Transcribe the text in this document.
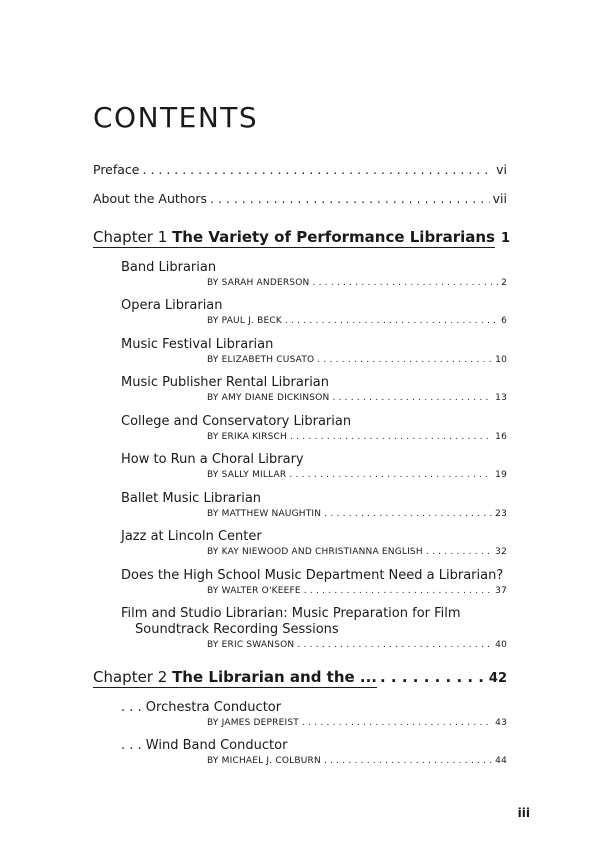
CONTENTS
Preface . . .	vi
About the Authors . . .	vii
Chapter 1 The Variety of Performance Librarians 1
Band Librarian
BY SARAH ANDERSON . . .	2
Opera Librarian
BY PAUL J. BECK . . .	6
Music Festival Librarian
BY ELIZABETH CUSATO . . .	10
Music Publisher Rental Librarian
BY AMY DIANE DICKINSON . . .	13
College and Conservatory Librarian
BY ERIKA KIRSCH . . .	16
How to Run a Choral Library
BY SALLY MILLAR . . .	19
Ballet Music Librarian
BY MATTHEW NAUGHTIN . . .	23
Jazz at Lincoln Center
BY KAY NIEWOOD AND CHRISTIANNA ENGLISH . . .	32
Does the High School Music Department Need a Librarian?
BY WALTER O'KEEFE . . .	37
Film and Studio Librarian: Music Preparation for Film Soundtrack Recording Sessions
BY ERIC SWANSON . . .	40
Chapter 2 The Librarian and the ... . . .	42
. . . Orchestra Conductor
BY JAMES DEPREIST . . .	43
. . . Wind Band Conductor
BY MICHAEL J. COLBURN . . .	44
iii
